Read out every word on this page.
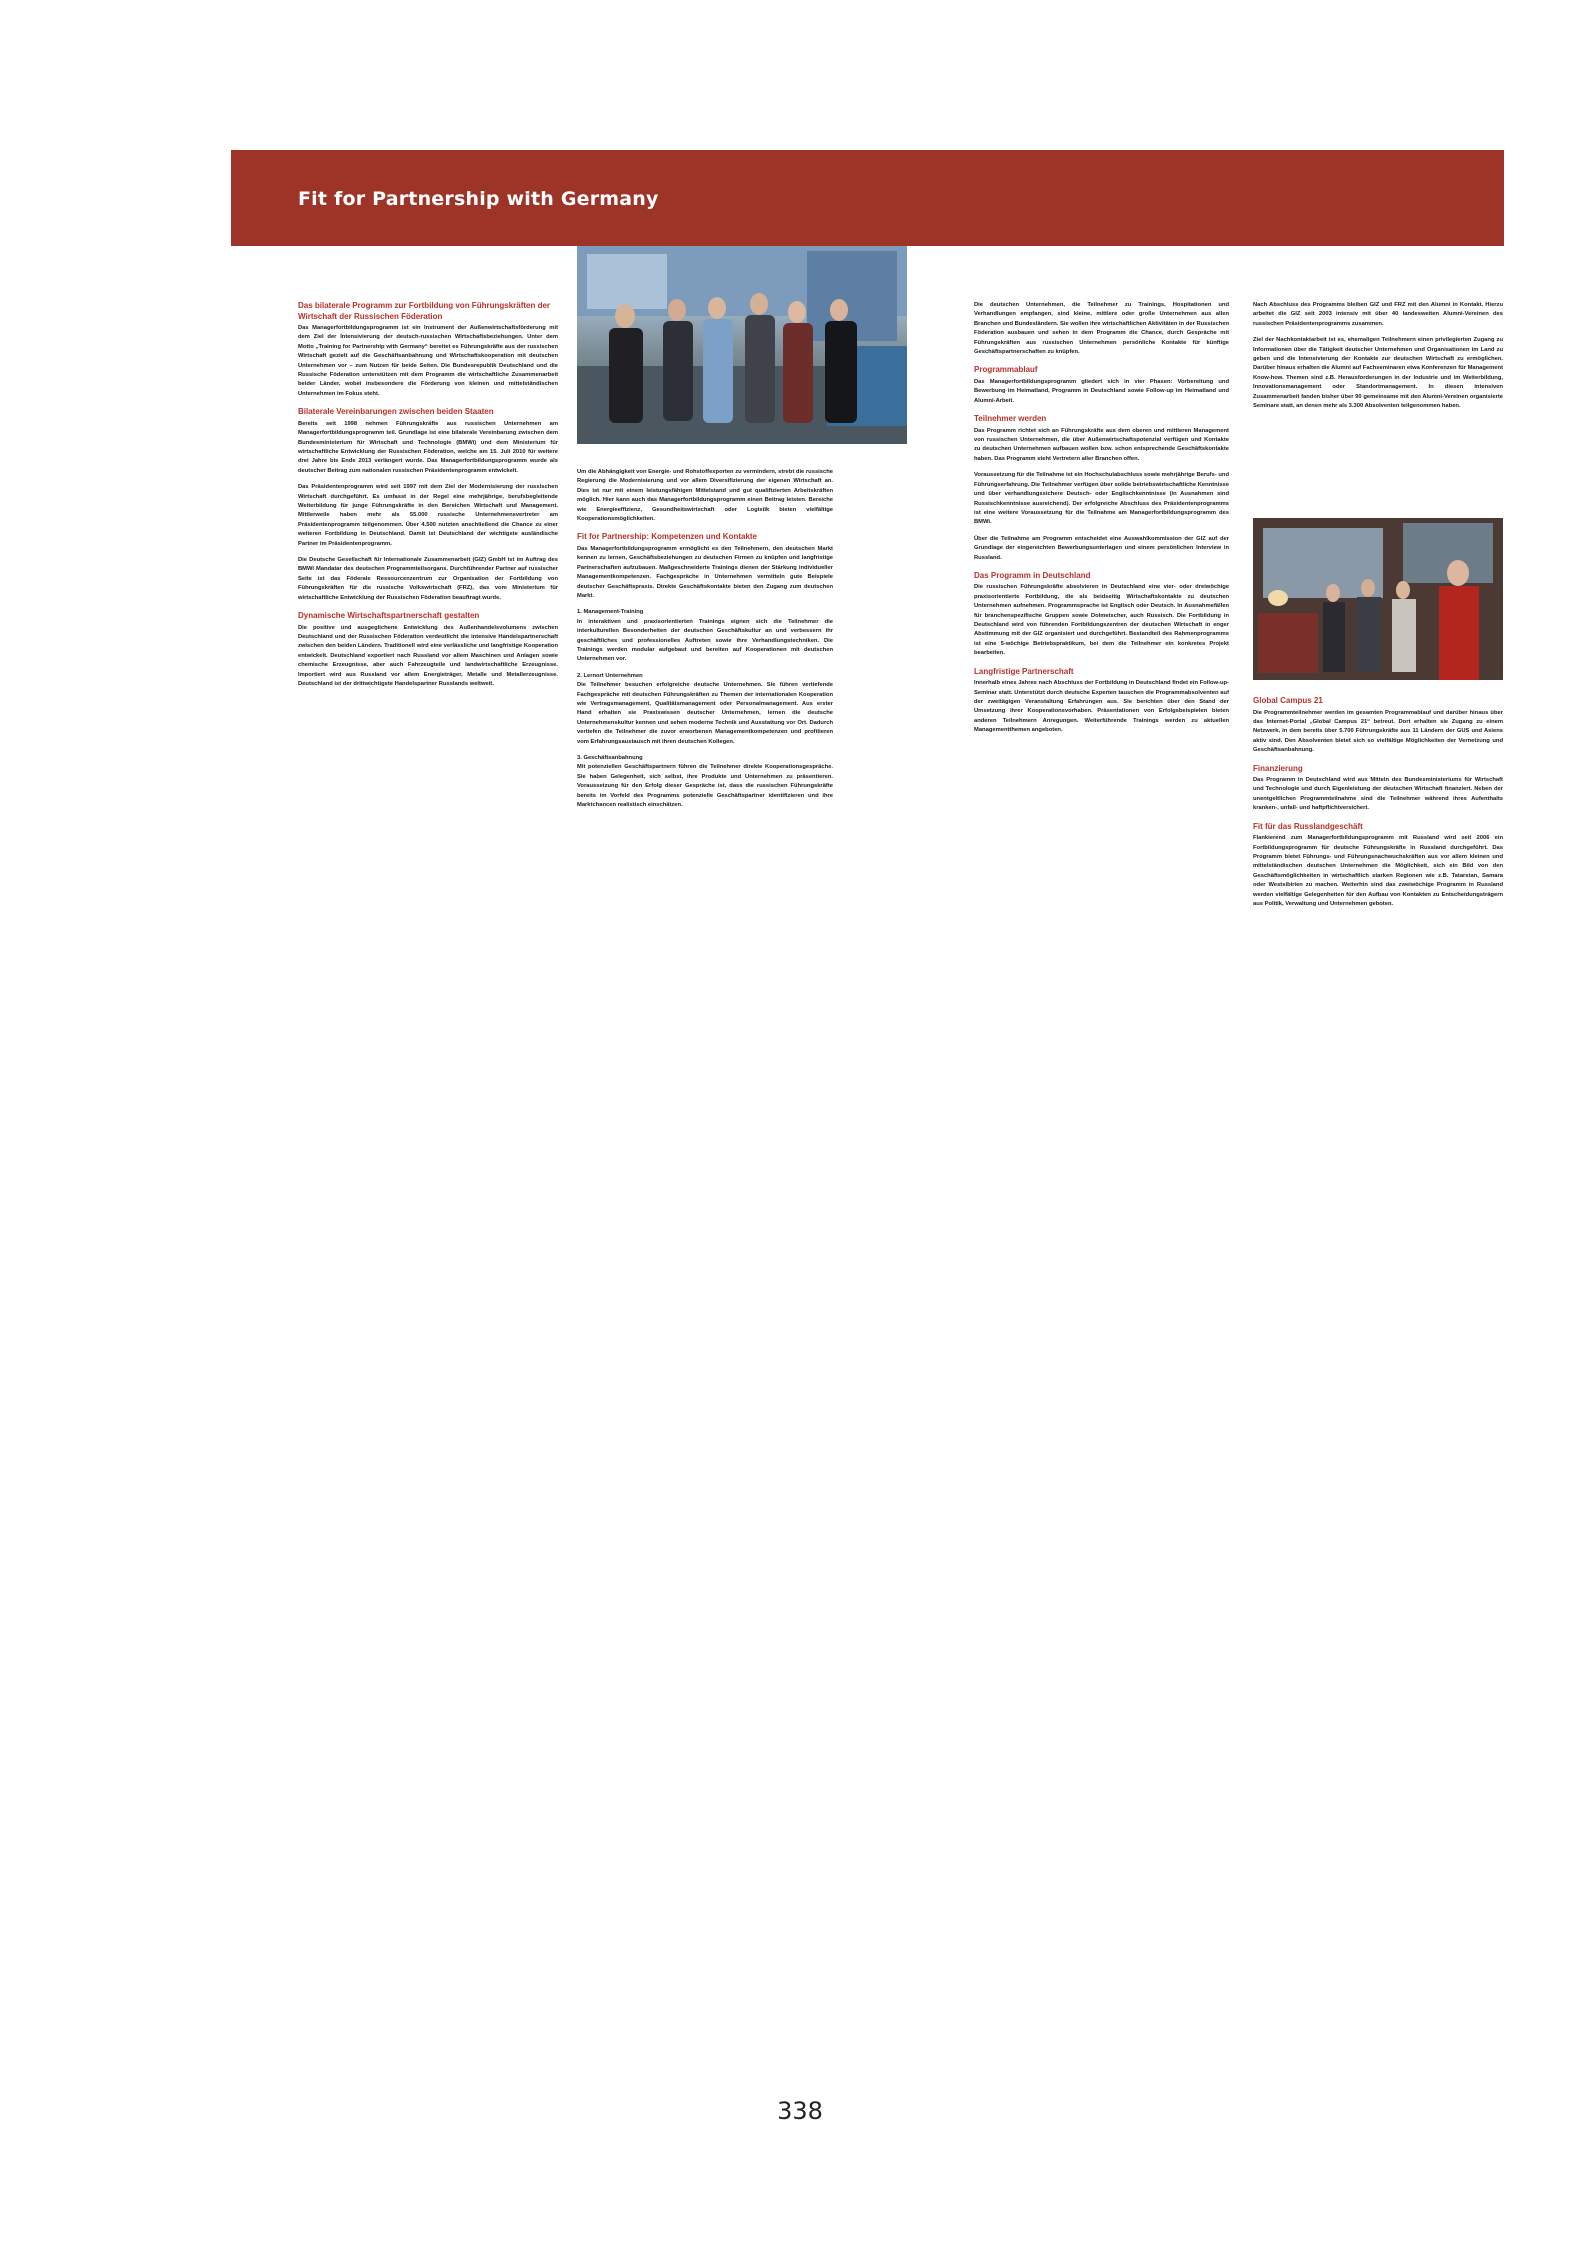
Fit for Partnership with Germany
Das bilaterale Programm zur Fortbildung von Führungskräften der Wirtschaft der Russischen Föderation
Das Managerfortbildungsprogramm ist ein Instrument der Außenwirtschaftsförderung mit dem Ziel der Intensivierung der deutsch-russischen Wirtschaftsbeziehungen. Unter dem Motto „Training for Partnership with Germany“ bereitet es Führungskräfte aus der russischen Wirtschaft gezielt auf die Geschäftsanbahnung und Wirtschaftskooperation mit deutschen Unternehmen vor – zum Nutzen für beide Seiten. Die Bundesrepublik Deutschland und die Russische Föderation unterstützen mit dem Programm die wirtschaftliche Zusammenarbeit beider Länder, wobei insbesondere die Förderung von kleinen und mittelständischen Unternehmen im Fokus steht.
Bilaterale Vereinbarungen zwischen beiden Staaten
Bereits seit 1998 nehmen Führungskräfte aus russischen Unternehmen am Managerfortbildungsprogramm teil. Grundlage ist eine bilaterale Vereinbarung zwischen dem Bundesministerium für Wirtschaft und Technologie (BMWi) und dem Ministerium für wirtschaftliche Entwicklung der Russischen Föderation, welche am 15. Juli 2010 für weitere drei Jahre bis Ende 2013 verlängert wurde. Das Managerfortbildungsprogramm wurde als deutscher Beitrag zum nationalen russischen Präsidentenprogramm entwickelt.
Das Präsidentenprogramm wird seit 1997 mit dem Ziel der Modernisierung der russischen Wirtschaft durchgeführt. Es umfasst in der Regel eine mehrjährige, berufsbegleitende Weiterbildung für junge Führungskräfte in den Bereichen Wirtschaft und Management. Mittlerweile haben mehr als 55.000 russische Unternehmensvertreter am Präsidentenprogramm teilgenommen. Über 4.500 nutzten anschließend die Chance zu einer weiteren Fortbildung in Deutschland. Damit ist Deutschland der wichtigste ausländische Partner im Präsidentenprogramm.
Die Deutsche Gesellschaft für Internationale Zusammenarbeit (GIZ) GmbH ist im Auftrag des BMWi Mandatar des deutschen Programmteilsorgans. Durchführender Partner auf russischer Seite ist das Föderale Ressourcenzentrum zur Organisation der Fortbildung von Führungskräften für die russische Volkswirtschaft (FRZ), das vom Ministerium für wirtschaftliche Entwicklung der Russischen Föderation beauftragt wurde.
Dynamische Wirtschaftspartnerschaft gestalten
Die positive und ausgeglichene Entwicklung des Außenhandelsvolumens zwischen Deutschland und der Russischen Föderation verdeutlicht die intensive Handelspartnerschaft zwischen den beiden Ländern. Traditionell wird eine verlässliche und langfristige Kooperation entwickelt. Deutschland exportiert nach Russland vor allem Maschinen und Anlagen sowie chemische Erzeugnisse, aber auch Fahrzeugteile und landwirtschaftliche Erzeugnisse. Importiert wird aus Russland vor allem Energieträger, Metalle und Metallerzeugnisse. Deutschland ist der drittwichtigste Handelspartner Russlands weltweit.
Um die Abhängigkeit von Energie- und Rohstoffexporten zu vermindern, strebt die russische Regierung die Modernisierung und vor allem Diversifizierung der eigenen Wirtschaft an. Dies ist nur mit einem leistungsfähigen Mittelstand und gut qualifizierten Arbeitskräften möglich. Hier kann auch das Managerfortbildungsprogramm einen Beitrag leisten. Bereiche wie Energieeffizienz, Gesundheitswirtschaft oder Logistik bieten vielfältige Kooperationsmöglichkeiten.
Fit for Partnership: Kompetenzen und Kontakte
Das Managerfortbildungsprogramm ermöglicht es den Teilnehmern, den deutschen Markt kennen zu lernen, Geschäftsbeziehungen zu deutschen Firmen zu knüpfen und langfristige Partnerschaften aufzubauen. Maßgeschneiderte Trainings dienen der Stärkung individueller Managementkompetenzen. Fachgespräche in Unternehmen vermitteln gute Beispiele deutscher Geschäftspraxis. Direkte Geschäftskontakte bieten den Zugang zum deutschen Markt.
1. Management-Training
In interaktiven und praxisorientierten Trainings eignen sich die Teilnehmer die interkulturellen Besonderheiten der deutschen Geschäftskultur an und verbessern ihr geschäftliches und professionelles Auftreten sowie ihre Verhandlungstechniken. Die Trainings werden modular aufgebaut und bereiten auf Kooperationen mit deutschen Unternehmen vor.
2. Lernort Unternehmen
Die Teilnehmer besuchen erfolgreiche deutsche Unternehmen. Sie führen vertiefende Fachgespräche mit deutschen Führungskräften zu Themen der internationalen Kooperation wie Vertragsmanagement, Qualitätsmanagement oder Personalmanagement. Aus erster Hand erhalten sie Praxiswissen deutscher Unternehmen, lernen die deutsche Unternehmenskultur kennen und sehen moderne Technik und Ausstattung vor Ort. Dadurch vertiefen die Teilnehmer die zuvor erworbenen Managementkompetenzen und profitieren vom Erfahrungsaustausch mit ihren deutschen Kollegen.
3. Geschäftsanbahnung
Mit potenziellen Geschäftspartnern führen die Teilnehmer direkte Kooperationsgespräche. Sie haben Gelegenheit, sich selbst, ihre Produkte und Unternehmen zu präsentieren. Voraussetzung für den Erfolg dieser Gespräche ist, dass die russischen Führungskräfte bereits im Vorfeld des Programms potenzielle Geschäftspartner identifizieren und ihre Marktchancen realistisch einschätzen.
Die deutschen Unternehmen, die Teilnehmer zu Trainings, Hospitationen und Verhandlungen empfangen, sind kleine, mittlere oder große Unternehmen aus allen Branchen und Bundesländern. Sie wollen ihre wirtschaftlichen Aktivitäten in der Russischen Föderation ausbauen und sehen in dem Programm die Chance, durch Gespräche mit Führungskräften aus russischen Unternehmen persönliche Kontakte für künftige Geschäftspartnerschaften zu knüpfen.
Programmablauf
Das Managerfortbildungsprogramm gliedert sich in vier Phasen: Vorbereitung und Bewerbung im Heimatland, Programm in Deutschland sowie Follow-up im Heimatland und Alumni-Arbeit.
Teilnehmer werden
Das Programm richtet sich an Führungskräfte aus dem oberen und mittleren Management von russischen Unternehmen, die über Außenwirtschaftspotenzial verfügen und Kontakte zu deutschen Unternehmen aufbauen wollen bzw. schon entsprechende Geschäftskontakte haben. Das Programm steht Vertretern aller Branchen offen.
Voraussetzung für die Teilnahme ist ein Hochschulabschluss sowie mehrjährige Berufs- und Führungserfahrung. Die Teilnehmer verfügen über solide betriebswirtschaftliche Kenntnisse und über verhandlungssichere Deutsch- oder Englischkenntnisse (in Ausnahmen sind Russischkenntnisse ausreichend). Der erfolgreiche Abschluss des Präsidentenprogramms ist eine weitere Voraussetzung für die Teilnahme am Managerfortbildungsprogramm des BMWi.
Über die Teilnahme am Programm entscheidet eine Auswahlkommission der GIZ auf der Grundlage der eingereichten Bewerbungsunterlagen und einem persönlichen Interview in Russland.
Das Programm in Deutschland
Die russischen Führungskräfte absolvieren in Deutschland eine vier- oder dreiwöchige praxisorientierte Fortbildung, die als beidseitig Wirtschaftskontakte zu deutschen Unternehmen aufnehmen. Programmsprache ist Englisch oder Deutsch. In Ausnahmefällen für branchenspezifische Gruppen sowie Dolmetscher, auch Russisch. Die Fortbildung in Deutschland wird von führenden Fortbildungszentren der deutschen Wirtschaft in enger Abstimmung mit der GIZ organisiert und durchgeführt. Bestandteil des Rahmenprogramms ist eine 5-wöchige Betriebspraktikum, bei dem die Teilnehmer ein konkretes Projekt bearbeiten.
Langfristige Partnerschaft
Innerhalb eines Jahres nach Abschluss der Fortbildung in Deutschland findet ein Follow-up-Seminar statt. Unterstützt durch deutsche Experten tauschen die Programmabsolventen auf der zweitägigen Veranstaltung Erfahrungen aus. Sie berichten über den Stand der Umsetzung ihrer Kooperationsvorhaben. Präsentationen von Erfolgsbeispielen bieten anderen Teilnehmern Anregungen. Weiterführende Trainings werden zu aktuellen Managementthemen angeboten.
Nach Abschluss des Programms bleiben GIZ und FRZ mit den Alumni in Kontakt. Hierzu arbeitet die GIZ seit 2003 intensiv mit über 40 landesweiten Alumni-Vereinen des russischen Präsidentenprogramms zusammen.
Ziel der Nachkontaktarbeit ist es, ehemaligen Teilnehmern einen privilegierten Zugang zu Informationen über die Tätigkeit deutscher Unternehmen und Organisationen im Land zu geben und die Intensivierung der Kontakte zur deutschen Wirtschaft zu ermöglichen. Darüber hinaus erhalten die Alumni auf Fachseminaren etwa Konferenzen für Management Know-how. Themen sind z.B. Herausforderungen in der Industrie und im Weiterbildung, Innovationsmanagement oder Standortmanagement. In diesen intensiven Zusammenarbeit fanden bisher über 90 gemeinsame mit den Alumni-Vereinen organisierte Seminare statt, an denen mehr als 3.300 Absolventen teilgenommen haben.
Global Campus 21
Die Programmteilnehmer werden im gesamten Programmablauf und darüber hinaus über das Internet-Portal „Global Campus 21“ betreut. Dort erhalten sie Zugang zu einem Netzwerk, in dem bereits über 5.700 Führungskräfte aus 11 Ländern der GUS und Asiens aktiv sind. Den Absolventen bietet sich so vielfältige Möglichkeiten der Vernetzung und Geschäftsanbahnung.
Finanzierung
Das Programm in Deutschland wird aus Mitteln des Bundesministeriums für Wirtschaft und Technologie und durch Eigenleistung der deutschen Wirtschaft finanziert. Neben der unentgeltlichen Programmteilnahme sind die Teilnehmer während ihres Aufenthalts kranken-, unfall- und haftpflichtversichert.
Fit für das Russlandgeschäft
Flankierend zum Managerfortbildungsprogramm mit Russland wird seit 2006 ein Fortbildungsprogramm für deutsche Führungskräfte in Russland durchgeführt. Das Programm bietet Führungs- und Führungsnachwuchskräften aus vor allem kleinen und mittelständischen deutschen Unternehmen die Möglichkeit, sich ein Bild von den Geschäftsmöglichkeiten in wirtschaftlich starken Regionen wie z.B. Tatarstan, Samara oder Westsibirien zu machen. Weiterhin sind das zweiwöchige Programm in Russland werden vielfältige Gelegenheiten für den Aufbau von Kontakten zu Entscheidungsträgern aus Politik, Verwaltung und Unternehmen geboten.
338
